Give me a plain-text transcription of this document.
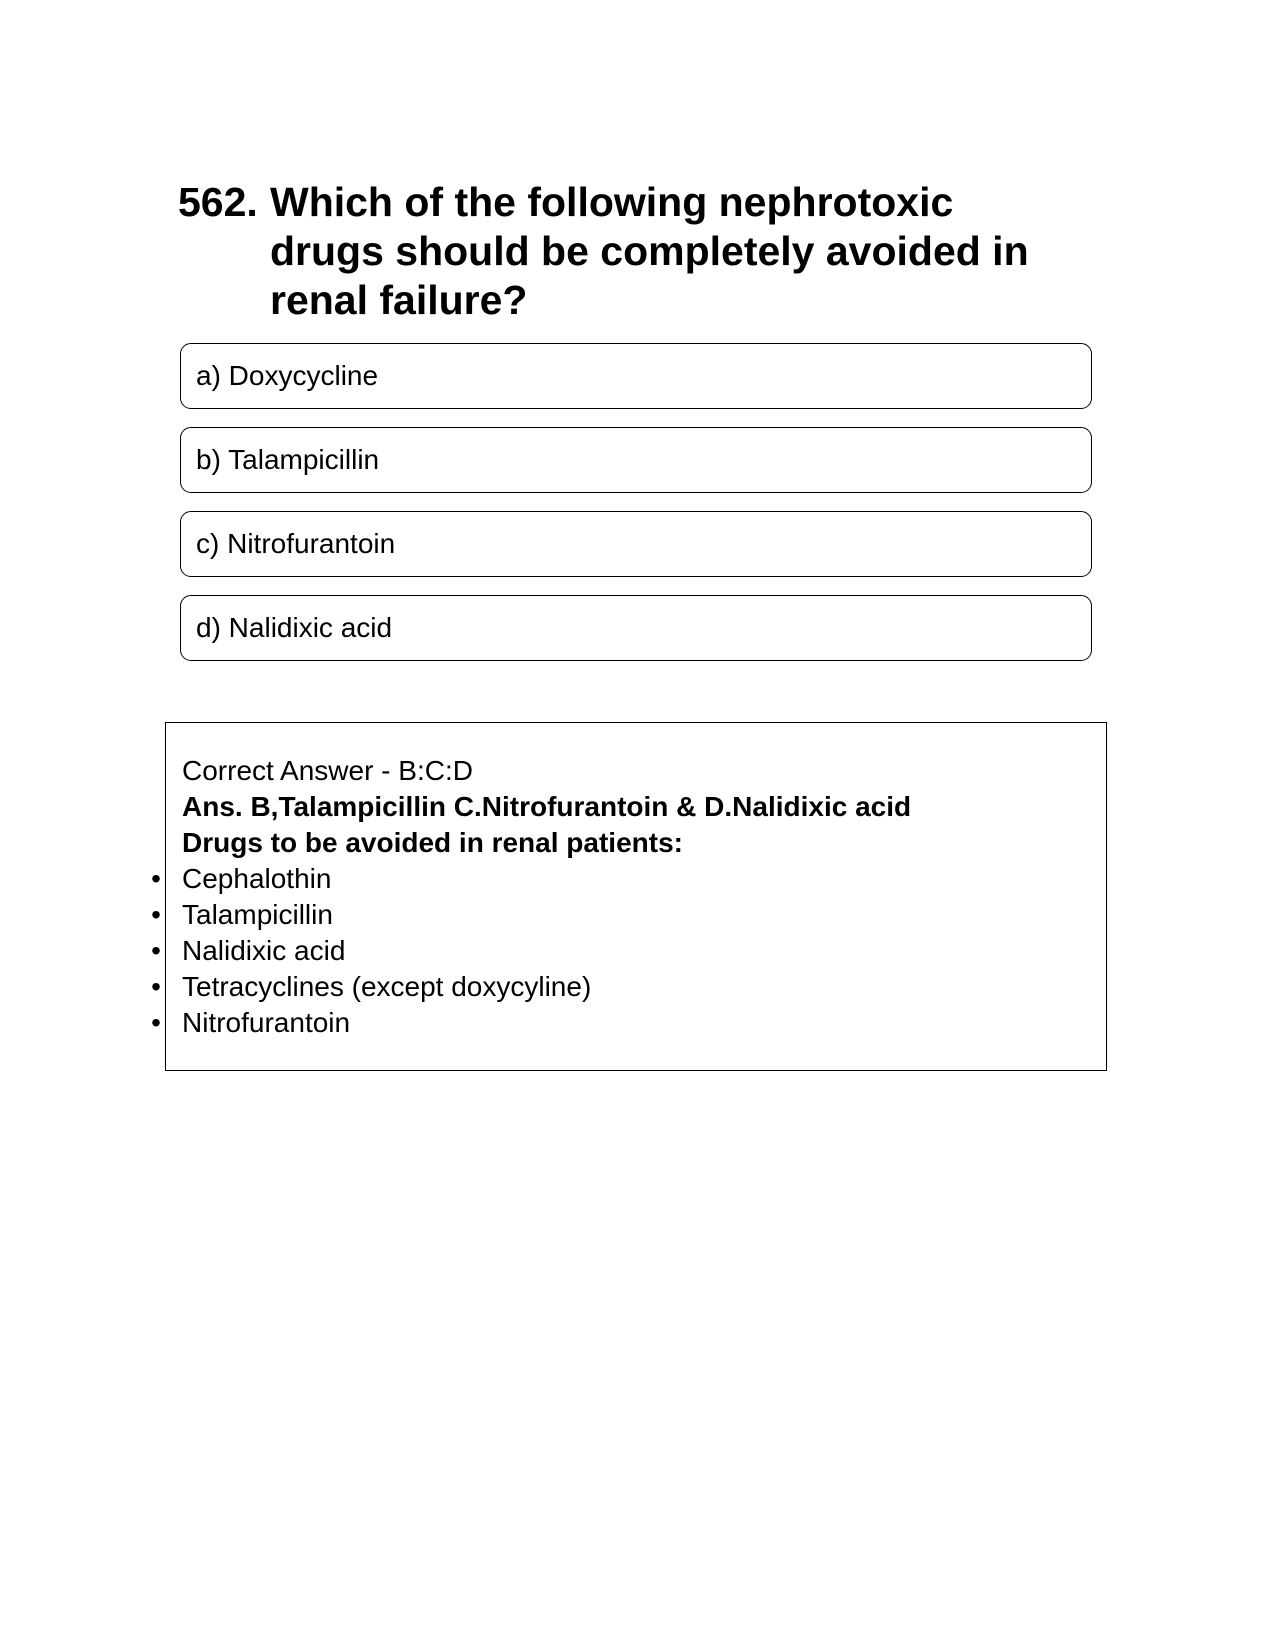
562. Which of the following nephrotoxic drugs should be completely avoided in renal failure?
a) Doxycycline
b) Talampicillin
c) Nitrofurantoin
d) Nalidixic acid
Correct Answer - B:C:D
Ans. B,Talampicillin C.Nitrofurantoin & D.Nalidixic acid
Drugs to be avoided in renal patients:
• Cephalothin
• Talampicillin
• Nalidixic acid
• Tetracyclines (except doxycyline)
• Nitrofurantoin
